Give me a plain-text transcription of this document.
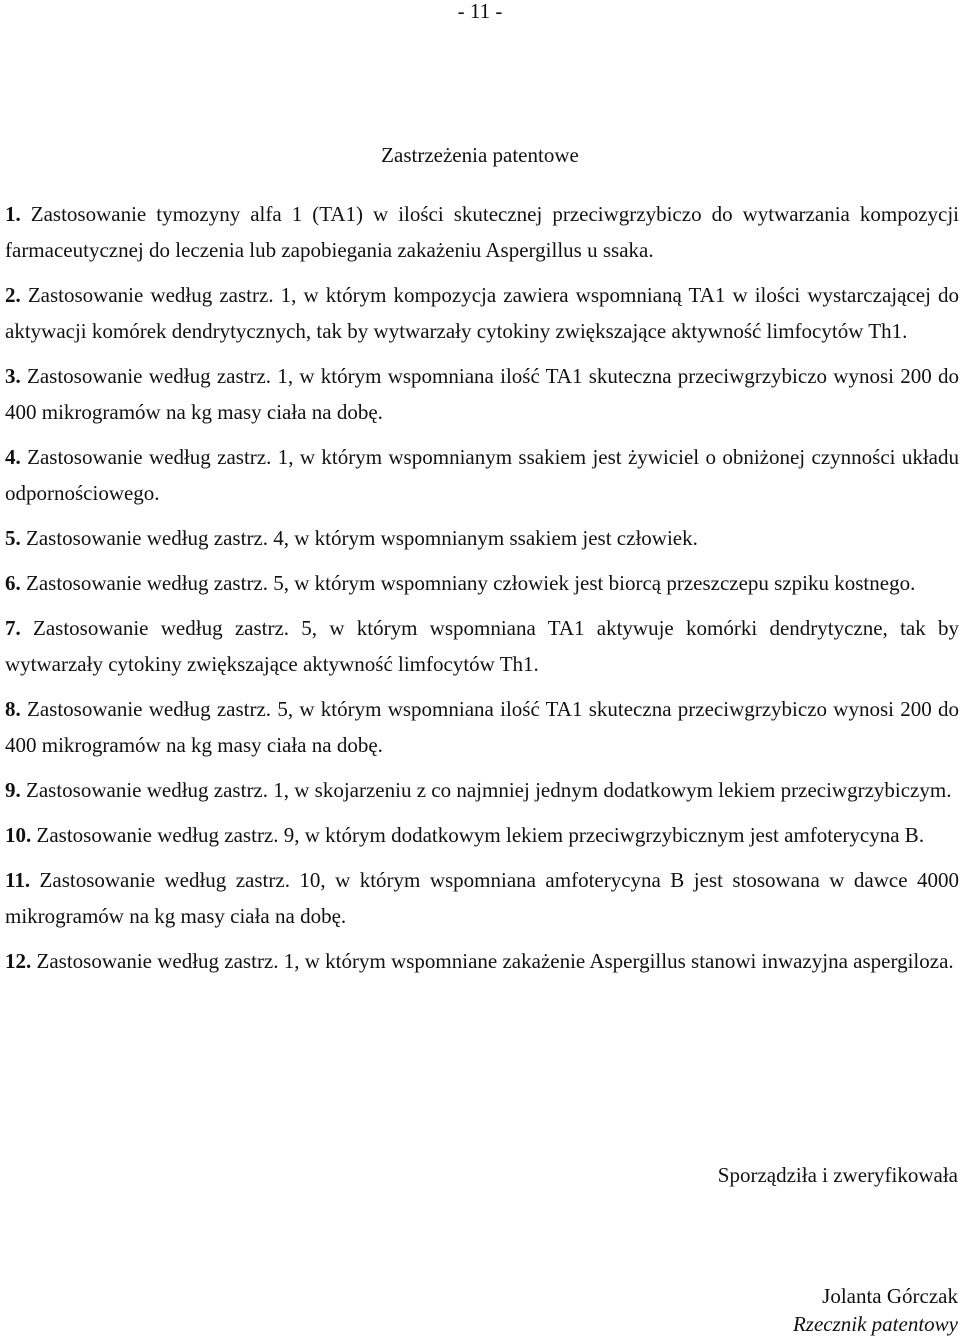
- 11 -
Zastrzeżenia patentowe

1. Zastosowanie tymozyny alfa 1 (TA1) w ilości skutecznej przeciwgrzybiczo do wytwarzania kompozycji farmaceutycznej do leczenia lub zapobiegania zakażeniu Aspergillus u ssaka.

2. Zastosowanie według zastrz. 1, w którym kompozycja zawiera wspomnianą TA1 w ilości wystarczającej do aktywacji komórek dendrytycznych, tak by wytwarzały cytokiny zwiększające aktywność limfocytów Th1.

3. Zastosowanie według zastrz. 1, w którym wspomniana ilość TA1 skuteczna przeciwgrzybiczo wynosi 200 do 400 mikrogramów na kg masy ciała na dobę.

4. Zastosowanie według zastrz. 1, w którym wspomnianym ssakiem jest żywiciel o obniżonej czynności układu odpornościowego.

5. Zastosowanie według zastrz. 4, w którym wspomnianym ssakiem jest człowiek.

6. Zastosowanie według zastrz. 5, w którym wspomniany człowiek jest biorcą przeszczepu szpiku kostnego.

7. Zastosowanie według zastrz. 5, w którym wspomniana TA1 aktywuje komórki dendrytyczne, tak by wytwarzały cytokiny zwiększające aktywność limfocytów Th1.

8. Zastosowanie według zastrz. 5, w którym wspomniana ilość TA1 skuteczna przeciwgrzybiczo wynosi 200 do 400 mikrogramów na kg masy ciała na dobę.

9. Zastosowanie według zastrz. 1, w skojarzeniu z co najmniej jednym dodatkowym lekiem przeciwgrzybiczym.

10. Zastosowanie według zastrz. 9, w którym dodatkowym lekiem przeciwgrzybicznym jest amfoterycyna B.

11. Zastosowanie według zastrz. 10, w którym wspomniana amfoterycyna B jest stosowana w dawce 4000 mikrogramów na kg masy ciała na dobę.

12. Zastosowanie według zastrz. 1, w którym wspomniane zakażenie Aspergillus stanowi inwazyjna aspergiloza.

Sporządziła i zweryfikowała
Jolanta Górczak
Rzecznik patentowy
